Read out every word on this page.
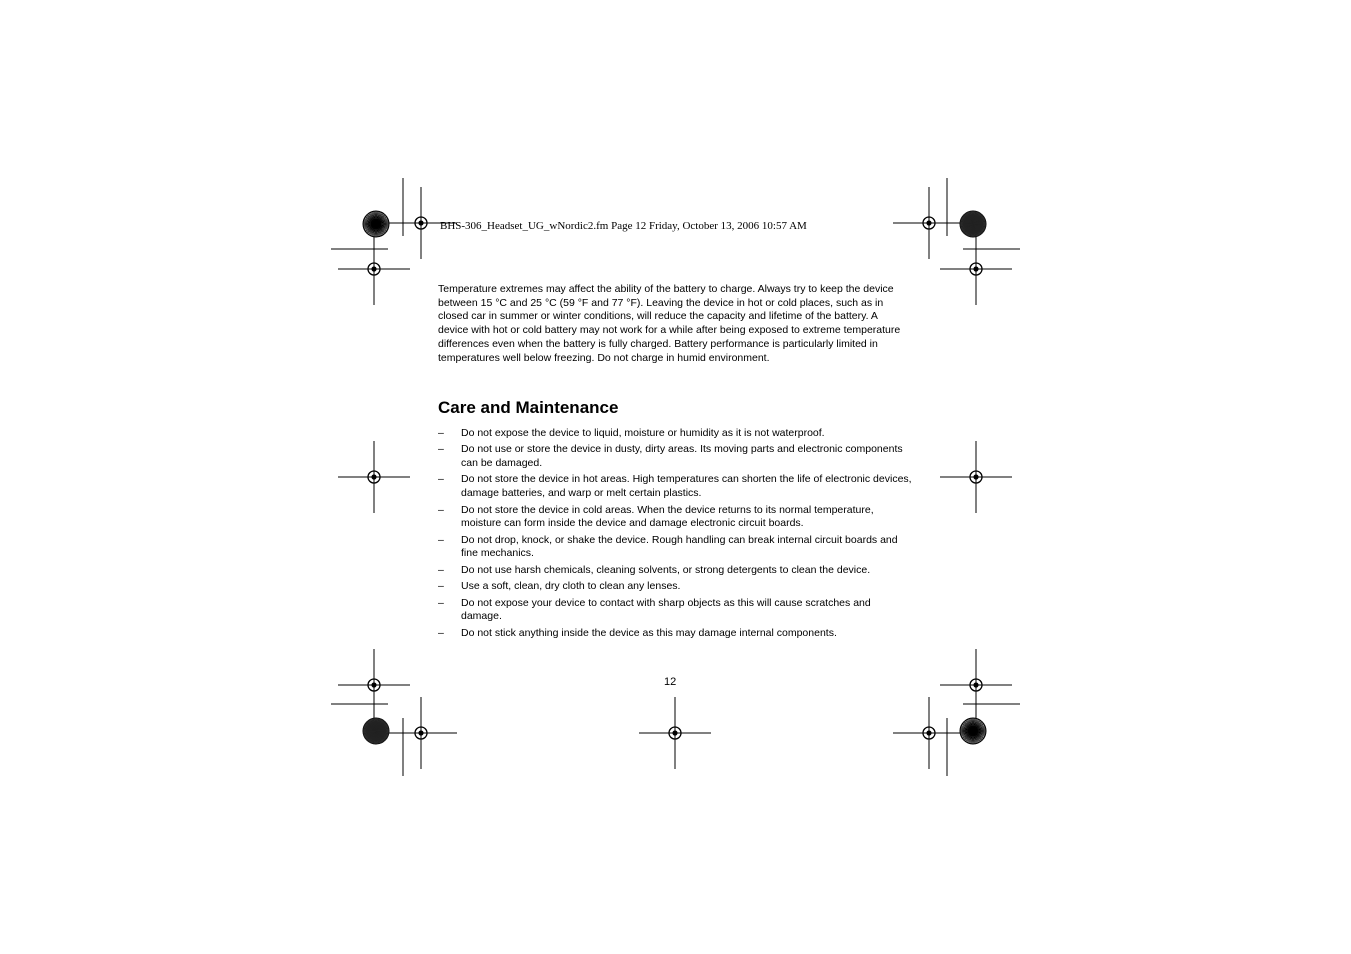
BHS-306_Headset_UG_wNordic2.fm Page 12 Friday, October 13, 2006 10:57 AM

Temperature extremes may affect the ability of the battery to charge. Always try to keep the device between 15 °C and 25 °C (59 °F and 77 °F). Leaving the device in hot or cold places, such as in closed car in summer or winter conditions, will reduce the capacity and lifetime of the battery. A device with hot or cold battery may not work for a while after being exposed to extreme temperature differences even when the battery is fully charged. Battery performance is particularly limited in temperatures well below freezing. Do not charge in humid environment.

Care and Maintenance
– Do not expose the device to liquid, moisture or humidity as it is not waterproof.
– Do not use or store the device in dusty, dirty areas. Its moving parts and electronic components can be damaged.
– Do not store the device in hot areas. High temperatures can shorten the life of electronic devices, damage batteries, and warp or melt certain plastics.
– Do not store the device in cold areas. When the device returns to its normal temperature, moisture can form inside the device and damage electronic circuit boards.
– Do not drop, knock, or shake the device. Rough handling can break internal circuit boards and fine mechanics.
– Do not use harsh chemicals, cleaning solvents, or strong detergents to clean the device.
– Use a soft, clean, dry cloth to clean any lenses.
– Do not expose your device to contact with sharp objects as this will cause scratches and damage.
– Do not stick anything inside the device as this may damage internal components.
12
